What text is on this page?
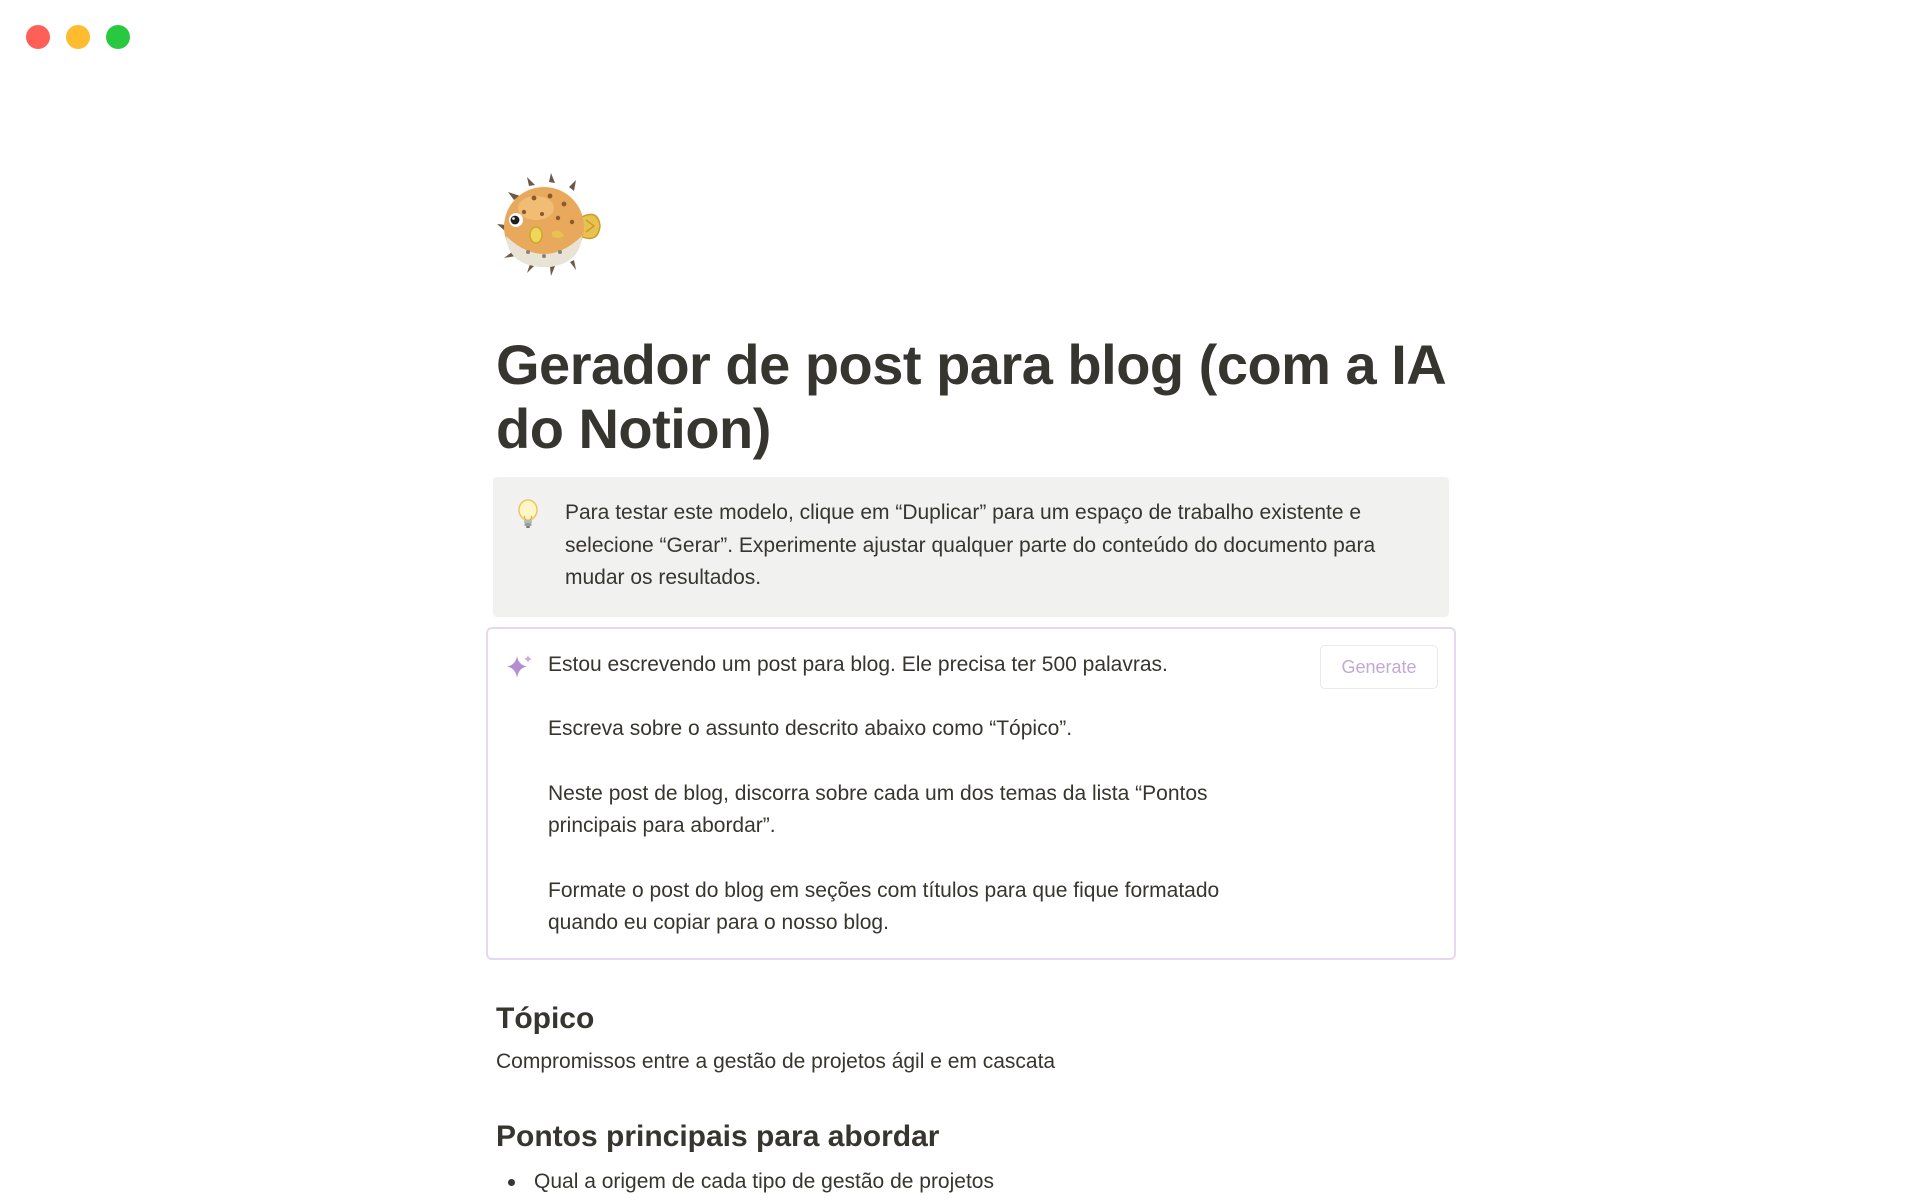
Gerador de post para blog (com a IA do Notion)
Para testar este modelo, clique em “Duplicar” para um espaço de trabalho existente e selecione “Gerar”. Experimente ajustar qualquer parte do conteúdo do documento para mudar os resultados.
Generate

Estou escrevendo um post para blog. Ele precisa ter 500 palavras.

Escreva sobre o assunto descrito abaixo como “Tópico”.

Neste post de blog, discorra sobre cada um dos temas da lista “Pontos principais para abordar”.

Formate o post do blog em seções com títulos para que fique formatado quando eu copiar para o nosso blog.

Tópico

Compromissos entre a gestão de projetos ágil e em cascata

Pontos principais para abordar
Qual a origem de cada tipo de gestão de projetos
